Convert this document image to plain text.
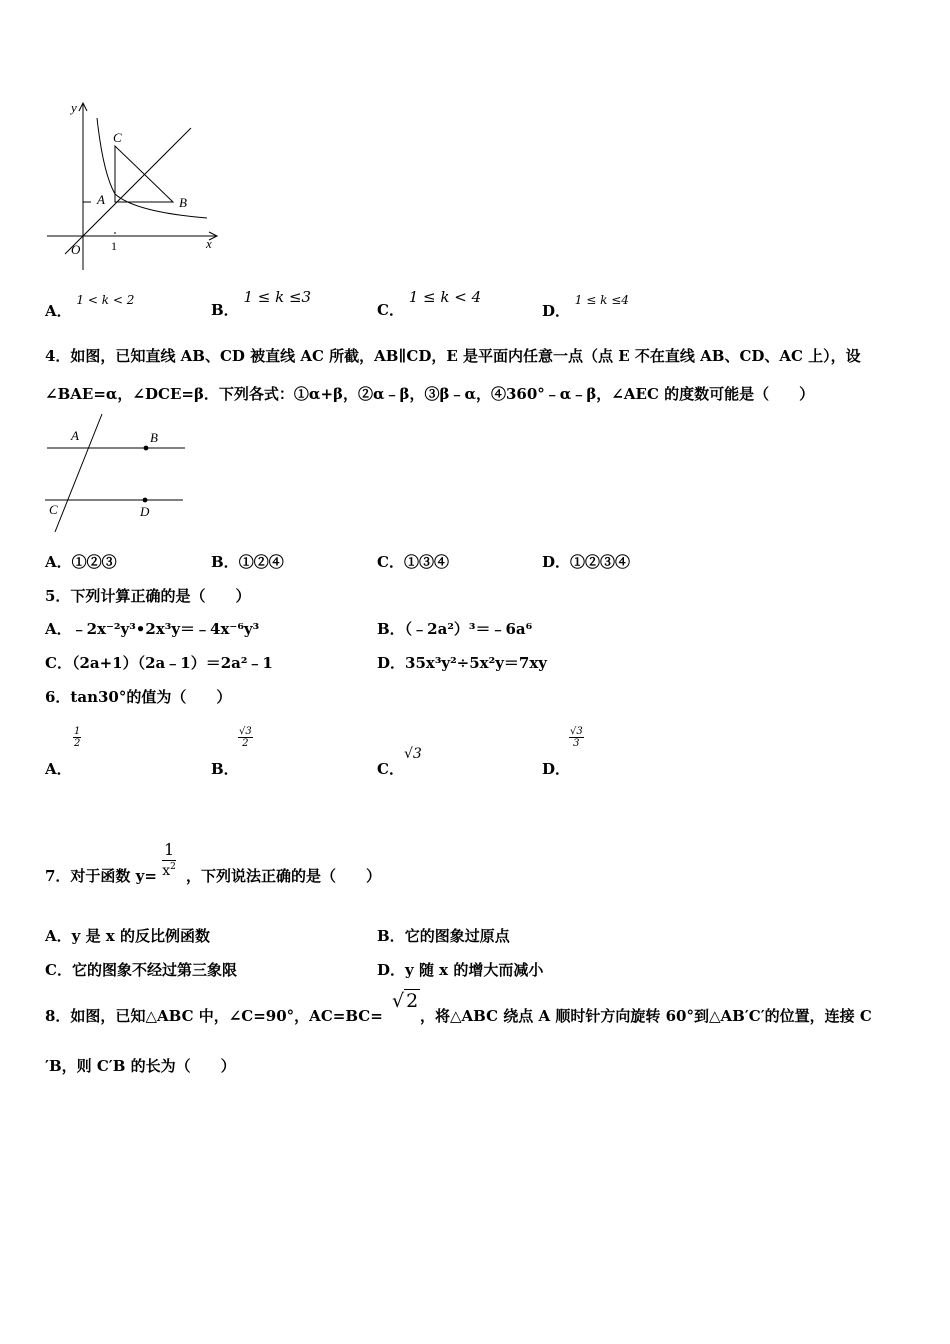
y
x
O
C
A	B
1
A． 1 < k < 2
B． 1 ≤ k ≤3
C． 1 ≤ k < 4
D． 1 ≤ k ≤4
4．如图，已知直线 AB、CD 被直线 AC 所截，AB∥CD，E 是平面内任意一点（点 E 不在直线 AB、CD、AC 上），设
∠BAE=α，∠DCE=β．下列各式：①α+β，②α﹣β，③β﹣α，④360°﹣α﹣β，∠AEC 的度数可能是（　　）
A	B
C	D
A．①②③	B．①②④	C．①③④	D．①②③④
5．下列计算正确的是（　　）
A．﹣2x⁻²y³•2x³y＝﹣4x⁻⁶y³	B．（﹣2a²）³＝﹣6a⁶
C．（2a+1）（2a﹣1）＝2a²﹣1	D．35x³y²÷5x²y＝7xy
6．tan30°的值为（　　）
A．
$\frac{1}{2}$
B．
$\frac{√3}{2}$
C．
√3
D．
$\frac{√3}{3}$
7．对于函数 $y= \frac{1}{x^2}$ ，下列说法正确的是（　　）
A．y 是 x 的反比例函数	B．它的图象过原点
C．它的图象不经过第三象限	D．y 随 x 的增大而减小
8．如图，已知△ABC 中，∠C=90°，AC=BC=
√ 2
，将△ABC 绕点 A 顺时针方向旋转 60°到△AB′C′的位置，连接 C
′B，则 C′B 的长为（　　）
